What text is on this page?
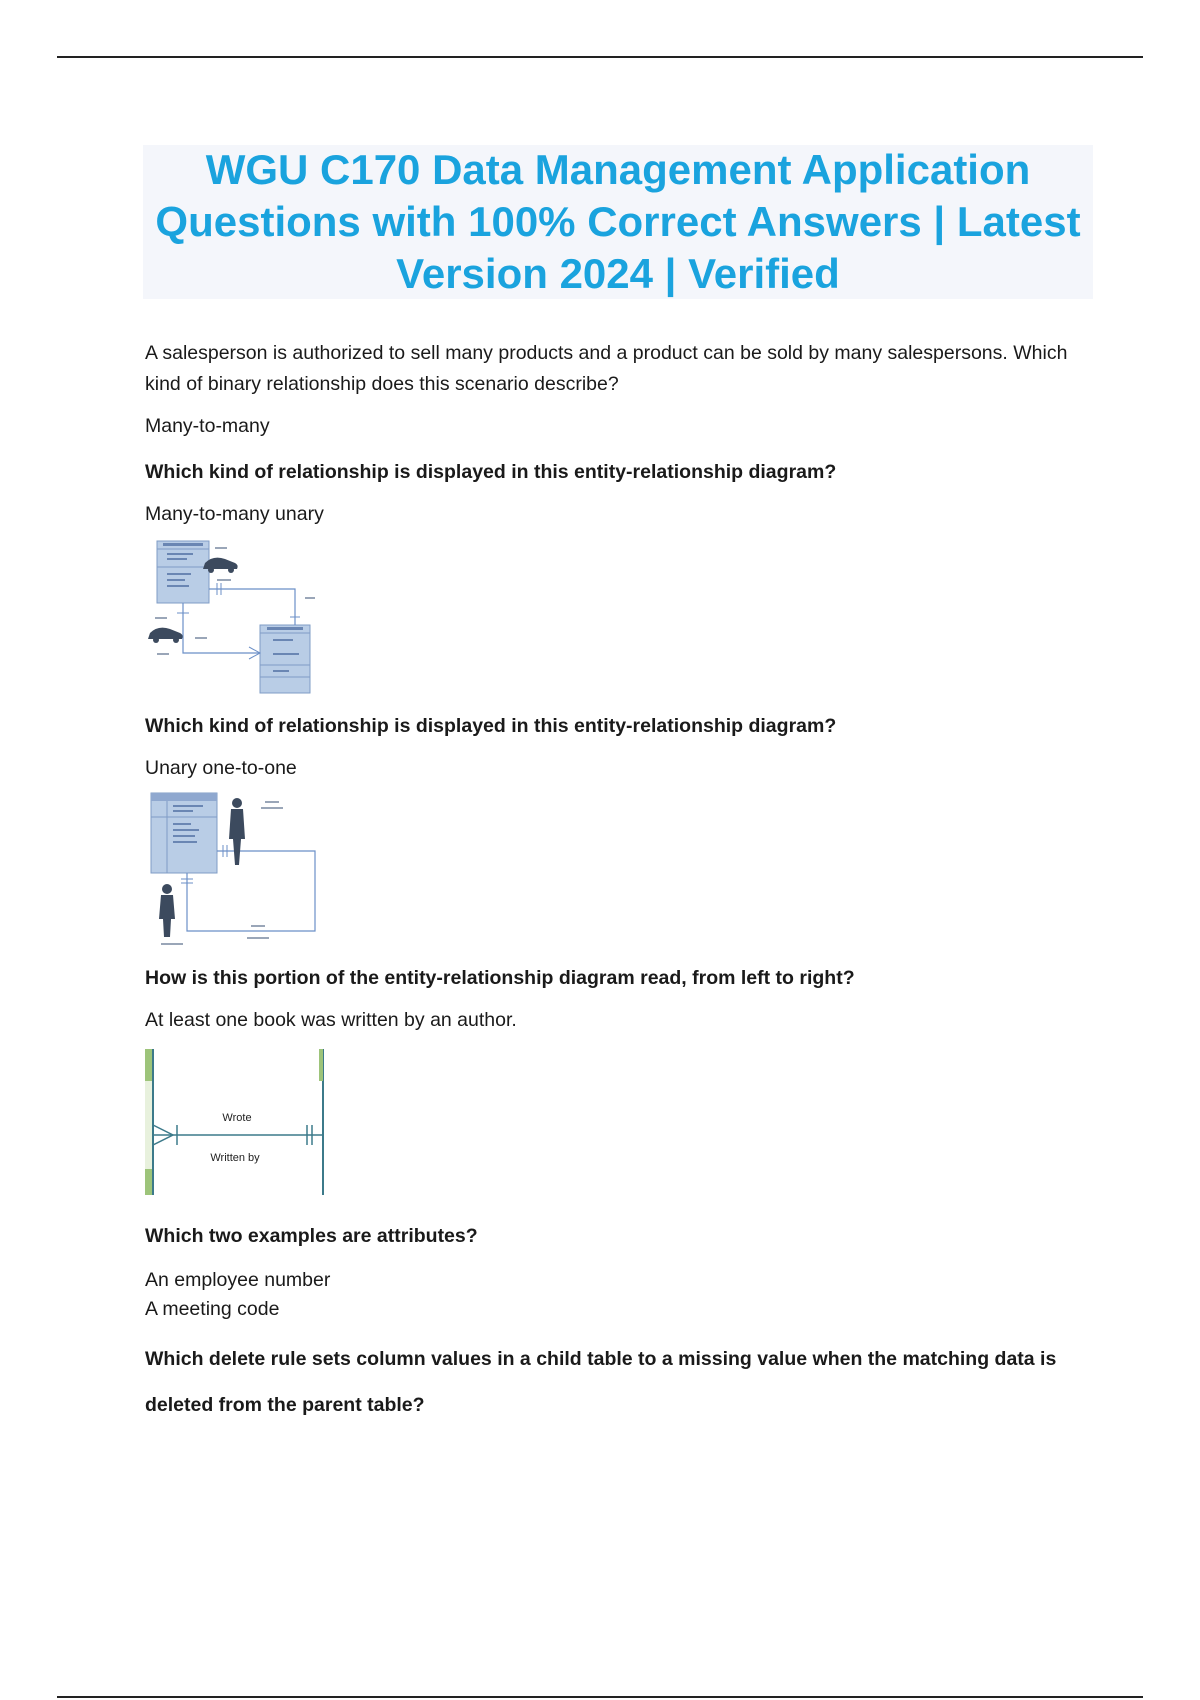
WGU C170 Data Management Application Questions with 100% Correct Answers | Latest Version 2024 | Verified

A salesperson is authorized to sell many products and a product can be sold by many salespersons. Which kind of binary relationship does this scenario describe?

Many-to-many

Which kind of relationship is displayed in this entity-relationship diagram?

Many-to-many unary

Which kind of relationship is displayed in this entity-relationship diagram?

Unary one-to-one

How is this portion of the entity-relationship diagram read, from left to right?

At least one book was written by an author.

Wrote
Written by

Which two examples are attributes?

An employee number

A meeting code

Which delete rule sets column values in a child table to a missing value when the matching data is deleted from the parent table?
